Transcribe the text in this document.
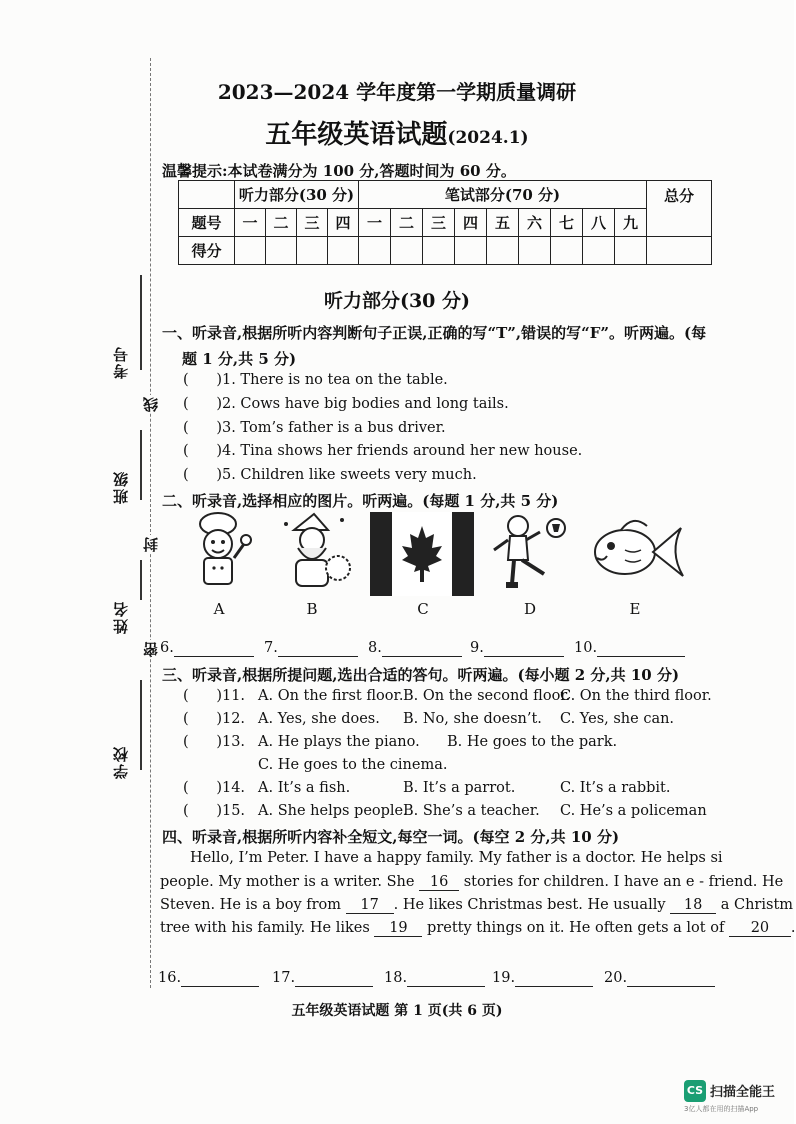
考号
线
班级
封
姓名
密
学校
2023—2024 学年度第一学期质量调研
五年级英语试题(2024.1)
温馨提示:本试卷满分为 100 分,答题时间为 60 分。
	听力部分(30 分)				笔试部分(70 分)									总分
题号	一	二	三	四	一	二	三	四	五	六	七	八	九	
得分														
听力部分(30 分)
一、听录音,根据所听内容判断句子正误,正确的写“T”,错误的写“F”。听两遍。(每
题 1 分,共 5 分)
(      )1. There is no tea on the table.
(      )2. Cows have big bodies and long tails.
(      )3. Tom’s father is a bus driver.
(      )4. Tina shows her friends around her new house.
(      )5. Children like sweets very much.
二、听录音,选择相应的图片。听两遍。(每题 1 分,共 5 分)
A	B	C	D	E
6.	7.	8.	9.	10.
三、听录音,根据所提问题,选出合适的答句。听两遍。(每小题 2 分,共 10 分)
(      )11. A. On the first floor. B. On the second floor.
C. On the third floor.
(      )12. A. Yes, she does. B. No, she doesn’t. C. Yes, she can.
(      )13. A. He plays the piano. B. He goes to the park.
C. He goes to the cinema.
(      )14. A. It’s a fish.	B. It’s a parrot.	C. It’s a rabbit.
(      )15. A. She helps people.
B. She’s a teacher. C. He’s a policeman
四、听录音,根据所听内容补全短文,每空一词。(每空 2 分,共 10 分)
Hello, I’m Peter. I have a happy family. My father is a doctor. He helps si
people. My mother is a writer. She 16 stories for children. I have an e - friend. He
Steven. He is a boy from 17 . He likes Christmas best. He usually 18 a Christm
tree with his family. He likes 19 pretty things on it. He often gets a lot of 20 .
16.	17.	18.	19.	20.
五年级英语试题 第 1 页(共 6 页)
CS 扫描全能王
3亿人都在用的扫描App
